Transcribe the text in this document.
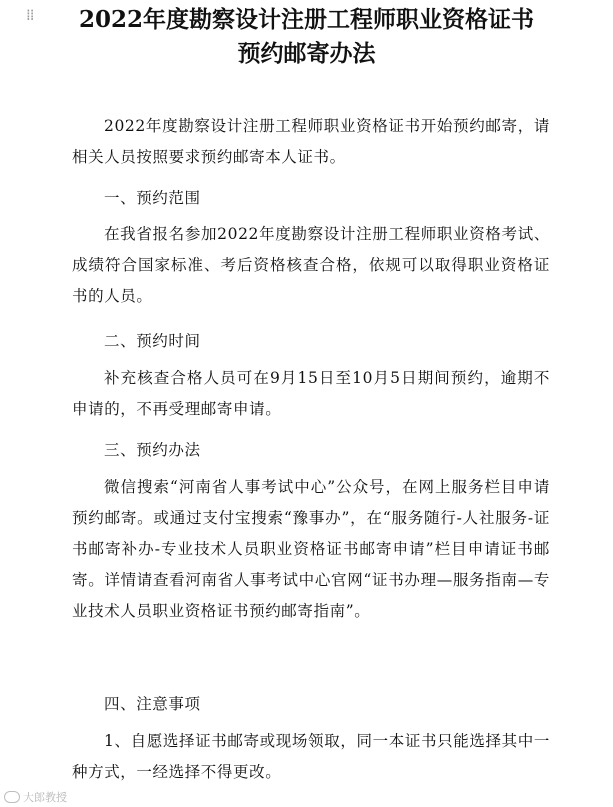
⁞⁞	2022年度勘察设计注册工程师职业资格证书
预约邮寄办法

2022年度勘察设计注册工程师职业资格证书开始预约邮寄，请相关人员按照要求预约邮寄本人证书。

一、预约范围

在我省报名参加2022年度勘察设计注册工程师职业资格考试、成绩符合国家标准、考后资格核查合格，依规可以取得职业资格证书的人员。

二、预约时间

补充核查合格人员可在9月15日至10月5日期间预约，逾期不申请的，不再受理邮寄申请。

三、预约办法

微信搜索“河南省人事考试中心”公众号，在网上服务栏目申请预约邮寄。或通过支付宝搜索“豫事办”，在“服务随行-人社服务-证书邮寄补办-专业技术人员职业资格证书邮寄申请”栏目申请证书邮寄。详情请查看河南省人事考试中心官网“证书办理—服务指南—专业技术人员职业资格证书预约邮寄指南”。

四、注意事项

1、自愿选择证书邮寄或现场领取，同一本证书只能选择其中一种方式，一经选择不得更改。

大郎教授
